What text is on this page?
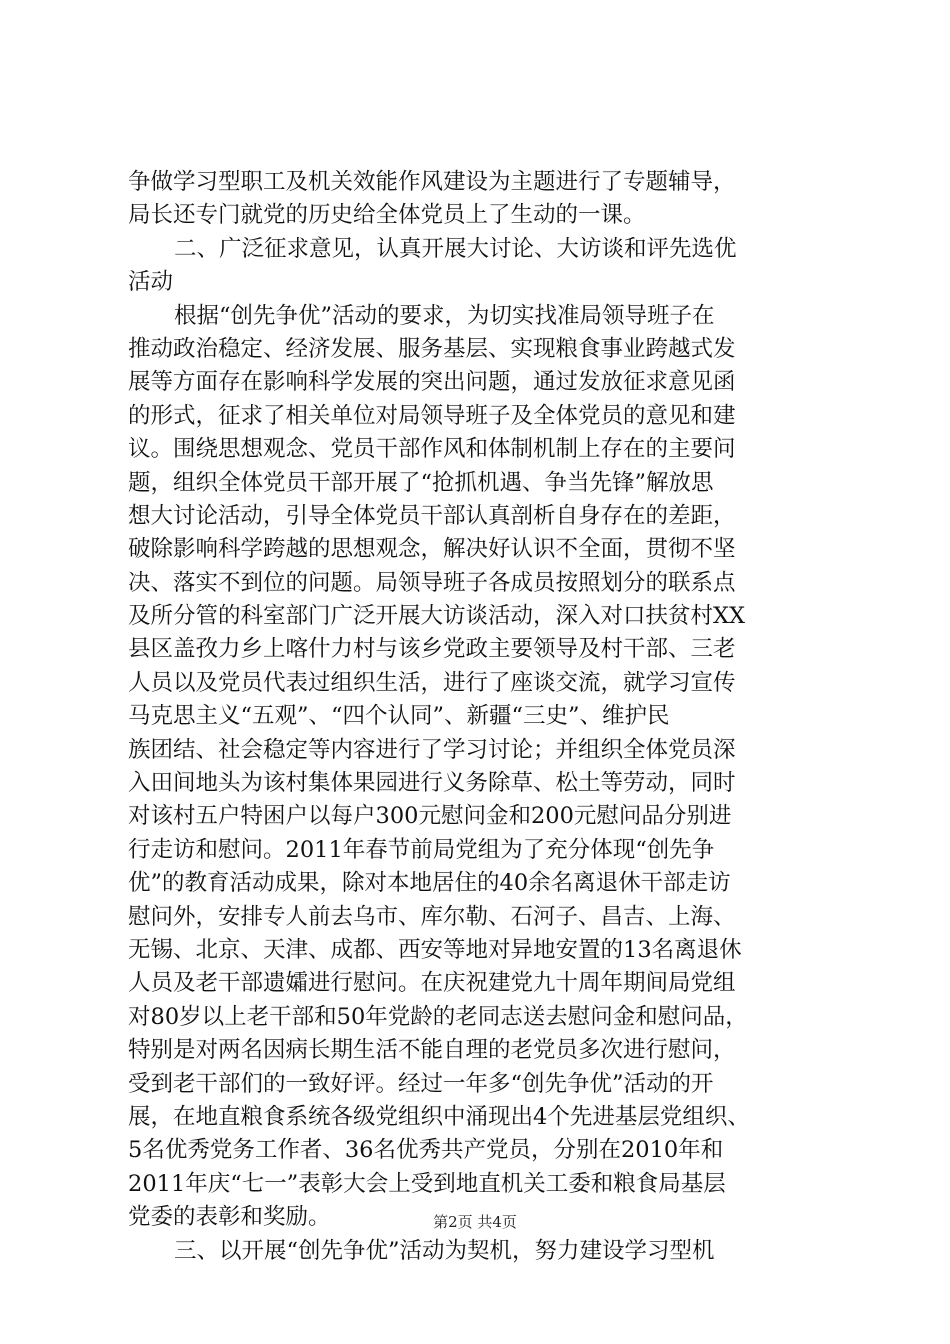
争做学习型职工及机关效能作风建设为主题进行了专题辅导，
局长还专门就党的历史给全体党员上了生动的一课。
二、广泛征求意见，认真开展大讨论、大访谈和评先选优
活动
根据“创先争优”活动的要求，为切实找准局领导班子在
推动政治稳定、经济发展、服务基层、实现粮食事业跨越式发
展等方面存在影响科学发展的突出问题，通过发放征求意见函
的形式，征求了相关单位对局领导班子及全体党员的意见和建
议。围绕思想观念、党员干部作风和体制机制上存在的主要问
题，组织全体党员干部开展了“抢抓机遇、争当先锋”解放思
想大讨论活动，引导全体党员干部认真剖析自身存在的差距，
破除影响科学跨越的思想观念，解决好认识不全面，贯彻不坚
决、落实不到位的问题。局领导班子各成员按照划分的联系点
及所分管的科室部门广泛开展大访谈活动，深入对口扶贫村XX
县区盖孜力乡上喀什力村与该乡党政主要领导及村干部、三老
人员以及党员代表过组织生活，进行了座谈交流，就学习宣传
马克思主义“五观”、“四个认同”、新疆“三史”、维护民
族团结、社会稳定等内容进行了学习讨论；并组织全体党员深
入田间地头为该村集体果园进行义务除草、松土等劳动，同时
对该村五户特困户以每户300元慰问金和200元慰问品分别进
行走访和慰问。2011年春节前局党组为了充分体现“创先争
优”的教育活动成果，除对本地居住的40余名离退休干部走访
慰问外，安排专人前去乌市、库尔勒、石河子、昌吉、上海、
无锡、北京、天津、成都、西安等地对异地安置的13名离退休
人员及老干部遗孀进行慰问。在庆祝建党九十周年期间局党组
对80岁以上老干部和50年党龄的老同志送去慰问金和慰问品，
特别是对两名因病长期生活不能自理的老党员多次进行慰问，
受到老干部们的一致好评。经过一年多“创先争优”活动的开
展，在地直粮食系统各级党组织中涌现出4个先进基层党组织、
5名优秀党务工作者、36名优秀共产党员，分别在2010年和
2011年庆“七一”表彰大会上受到地直机关工委和粮食局基层
党委的表彰和奖励。
三、以开展“创先争优”活动为契机，努力建设学习型机
第2页 共4页
